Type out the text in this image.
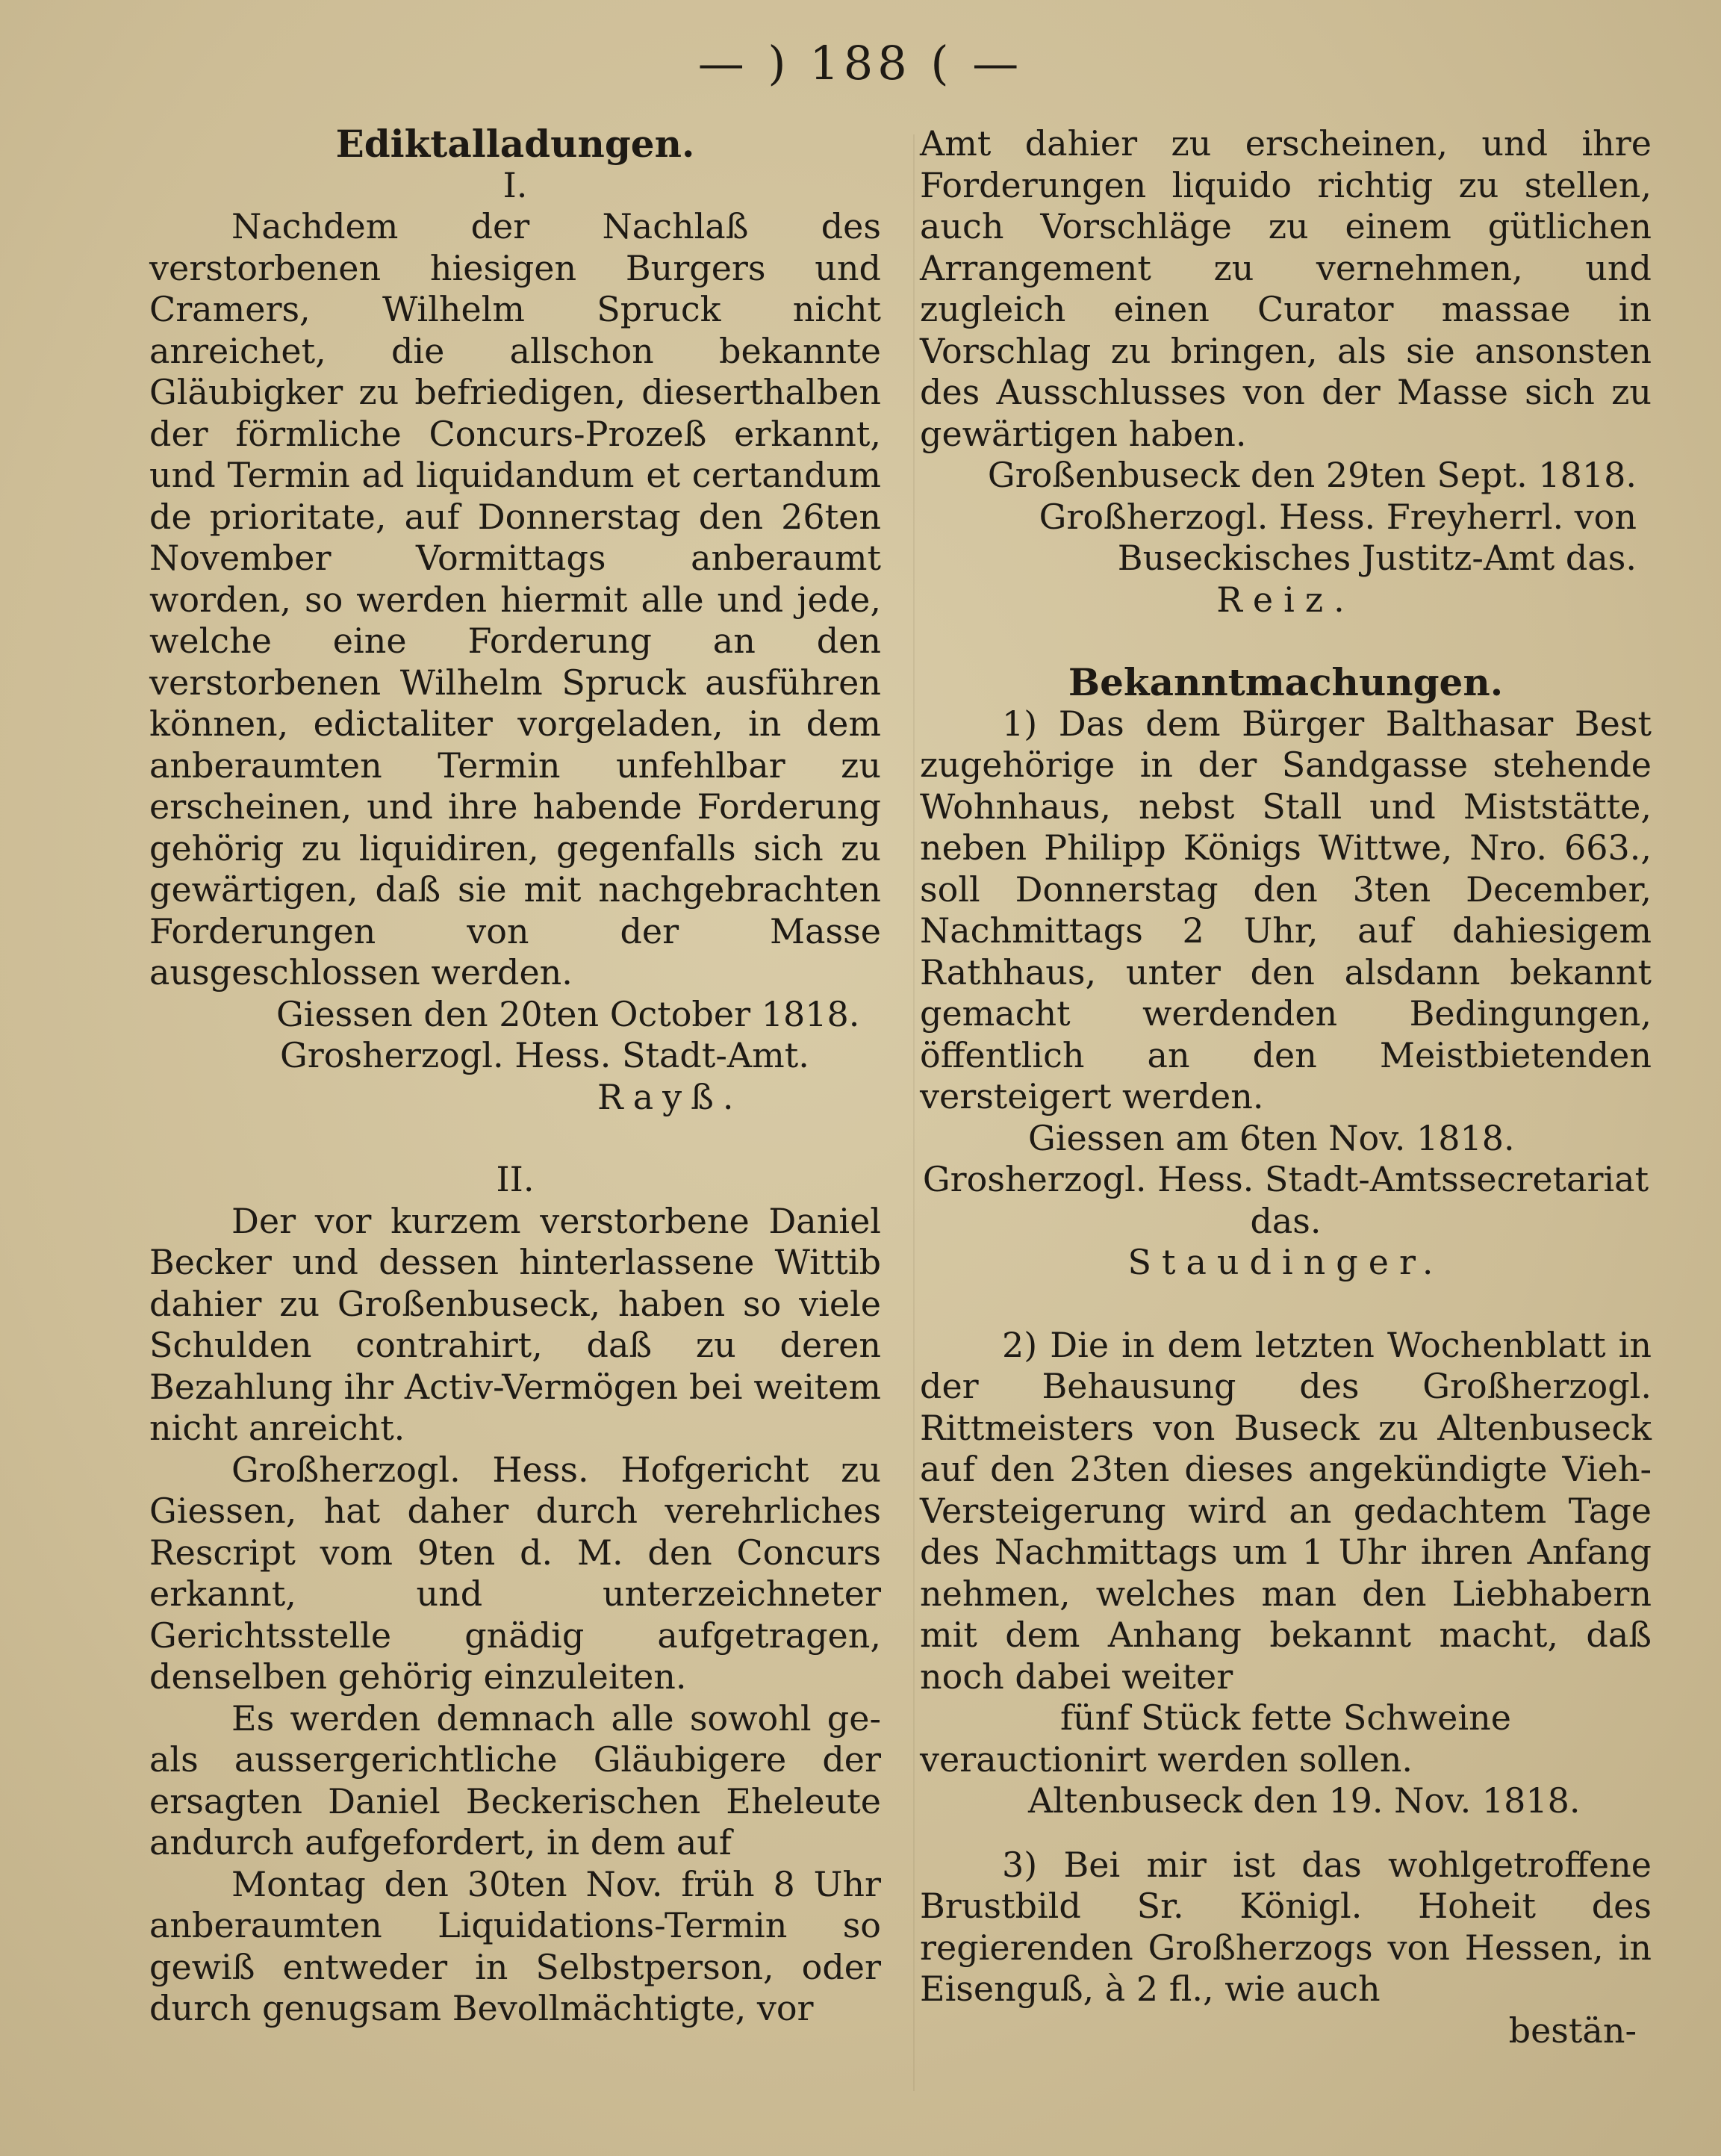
— ) 188 ( —

Ediktalladungen.

I.

Nachdem der Nachlaß des verstorbenen hiesigen Burgers und Cramers, Wilhelm Spruck nicht anreichet, die allschon bekannte Gläubigker zu befriedigen, dieserthalben der förmliche Concurs-Prozeß erkannt, und Termin ad liquidandum et certandum de prioritate, auf Donnerstag den 26ten November Vormittags anberaumt worden, so werden hiermit alle und jede, welche eine Forderung an den verstorbenen Wilhelm Spruck ausführen können, edictaliter vorgeladen, in dem anberaumten Termin unfehlbar zu erscheinen, und ihre habende Forderung gehörig zu liquidiren, gegenfalls sich zu gewärtigen, daß sie mit nachgebrachten Forderungen von der Masse ausgeschlossen werden.

Giessen den 20ten October 1818.

Grosherzogl. Hess. Stadt-Amt.

Rayß.

II.

Der vor kurzem verstorbene Daniel Becker und dessen hinterlassene Wittib dahier zu Großenbuseck, haben so viele Schulden contrahirt, daß zu deren Bezahlung ihr Activ-Vermögen bei weitem nicht anreicht.

Großherzogl. Hess. Hofgericht zu Giessen, hat daher durch verehrliches Rescript vom 9ten d. M. den Concurs erkannt, und unterzeichneter Gerichtsstelle gnädig aufgetragen, denselben gehörig einzuleiten.

Es werden demnach alle sowohl ge- als aussergerichtliche Gläubigere der ersagten Daniel Beckerischen Eheleute andurch aufgefordert, in dem auf

Montag den 30ten Nov. früh 8 Uhr anberaumten Liquidations-Termin so gewiß entweder in Selbstperson, oder durch genugsam Bevollmächtigte, vor

Amt dahier zu erscheinen, und ihre Forderungen liquido richtig zu stellen, auch Vorschläge zu einem gütlichen Arrangement zu vernehmen, und zugleich einen Curator massae in Vorschlag zu bringen, als sie ansonsten des Ausschlusses von der Masse sich zu gewärtigen haben.

Großenbuseck den 29ten Sept. 1818.

Großherzogl. Hess. Freyherrl. von Buseckisches Justitz-Amt das.

Reiz.

Bekanntmachungen.

1) Das dem Bürger Balthasar Best zugehörige in der Sandgasse stehende Wohnhaus, nebst Stall und Miststätte, neben Philipp Königs Wittwe, Nro. 663., soll Donnerstag den 3ten December, Nachmittags 2 Uhr, auf dahiesigem Rathhaus, unter den alsdann bekannt gemacht werdenden Bedingungen, öffentlich an den Meistbietenden versteigert werden.

Giessen am 6ten Nov. 1818.

Grosherzogl. Hess. Stadt-Amtssecretariat das.

Staudinger.

2) Die in dem letzten Wochenblatt in der Behausung des Großherzogl. Rittmeisters von Buseck zu Altenbuseck auf den 23ten dieses angekündigte Vieh-Versteigerung wird an gedachtem Tage des Nachmittags um 1 Uhr ihren Anfang nehmen, welches man den Liebhabern mit dem Anhang bekannt macht, daß noch dabei weiter

fünf Stück fette Schweine

verauctionirt werden sollen.

Altenbuseck den 19. Nov. 1818.

3) Bei mir ist das wohlgetroffene Brustbild Sr. Königl. Hoheit des regierenden Großherzogs von Hessen, in Eisenguß, à 2 fl., wie auch

bestän-
